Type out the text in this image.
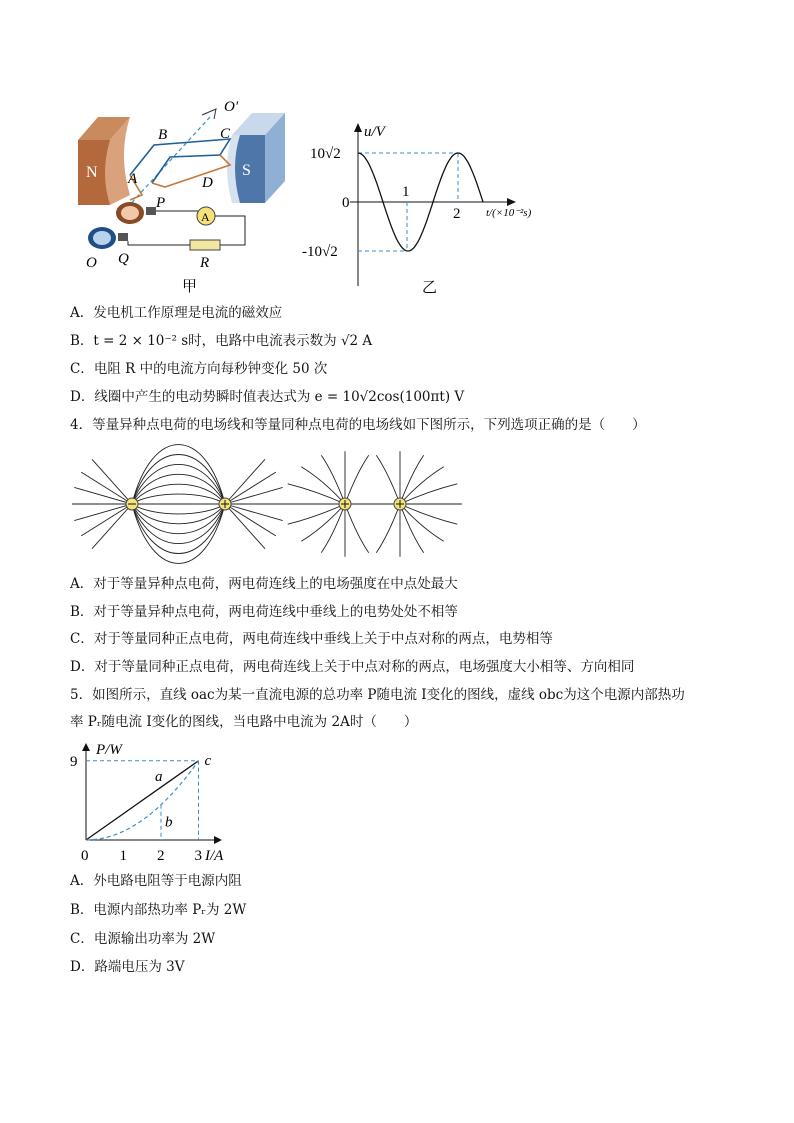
N	S
B	C
O′
A	D
P
A
O Q	R
甲
u/V
10√2
0
-10√2
1
2 t/(×10⁻²s)
乙
A．发电机工作原理是电流的磁效应
B．t = 2 × 10⁻² s时，电路中电流表示数为 √2 A
C．电阻 R 中的电流方向每秒钟变化 50 次
D．线圈中产生的电动势瞬时值表达式为 e = 10√2cos(100πt) V
4．等量异种点电荷的电场线和等量同种点电荷的电场线如下图所示，下列选项正确的是（　　）
A．对于等量异种点电荷，两电荷连线上的电场强度在中点处最大
B．对于等量异种点电荷，两电荷连线中垂线上的电势处处不相等
C．对于等量同种正点电荷，两电荷连线中垂线上关于中点对称的两点，电势相等
D．对于等量同种正点电荷，两电荷连线上关于中点对称的两点，电场强度大小相等、方向相同
5．如图所示，直线 oac为某一直流电源的总功率 P随电流 I变化的图线，虚线 obc为这个电源内部热功
率 Pᵣ随电流 I变化的图线，当电路中电流为 2A时（　　）
P/W
I/A
9
0 1 2 3
a
b
c
A．外电路电阻等于电源内阻
B．电源内部热功率 Pᵣ为 2W
C．电源输出功率为 2W
D．路端电压为 3V
